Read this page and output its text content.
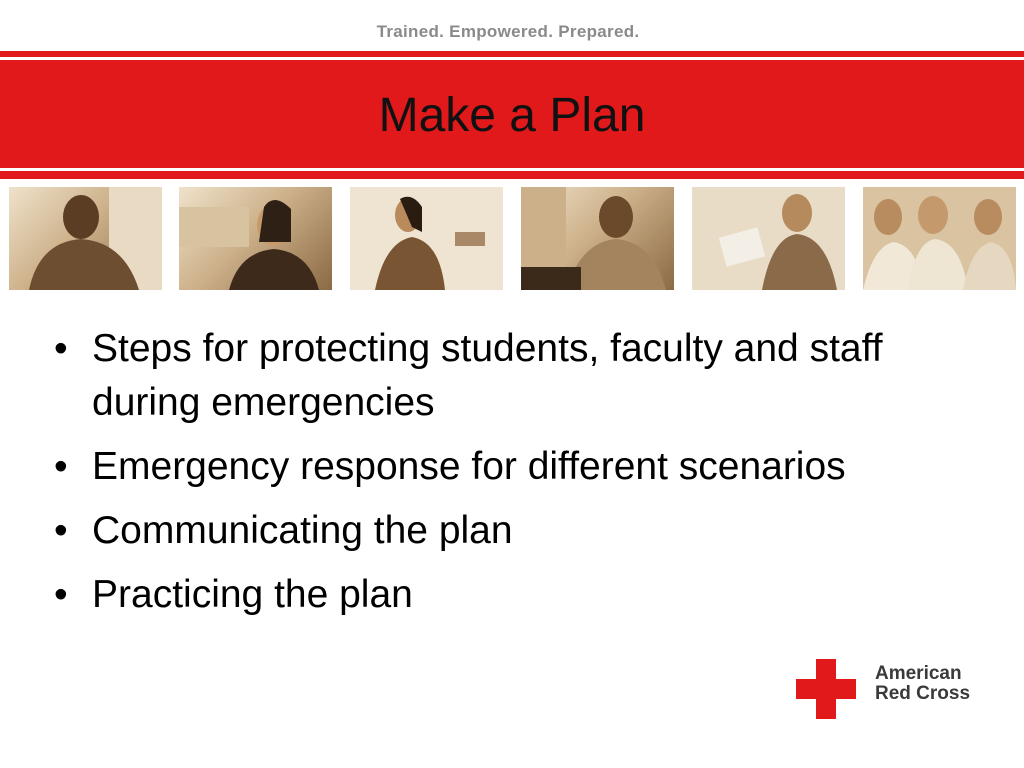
Trained. Empowered. Prepared.
Make a Plan
• Steps for protecting students, faculty and staff during emergencies
• Emergency response for different scenarios
• Communicating the plan
• Practicing the plan
American
Red Cross
